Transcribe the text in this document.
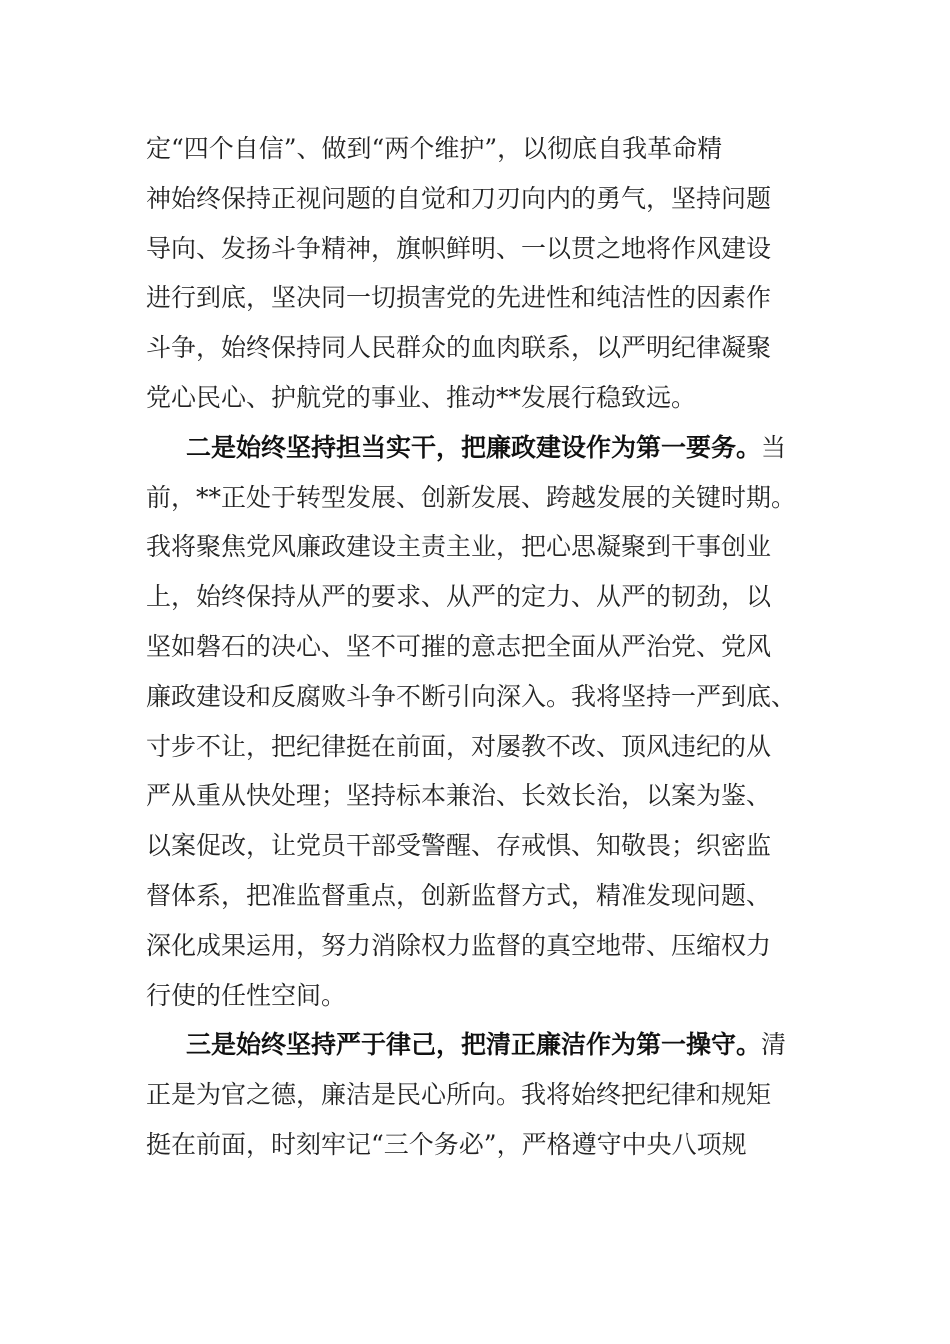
定“四个自信”、做到“两个维护”，以彻底自我革命精
神始终保持正视问题的自觉和刀刃向内的勇气，坚持问题
导向、发扬斗争精神，旗帜鲜明、一以贯之地将作风建设
进行到底，坚决同一切损害党的先进性和纯洁性的因素作
斗争，始终保持同人民群众的血肉联系，以严明纪律凝聚
党心民心、护航党的事业、推动**发展行稳致远。
二是始终坚持担当实干，把廉政建设作为第一要务。当
前，**正处于转型发展、创新发展、跨越发展的关键时期。
我将聚焦党风廉政建设主责主业，把心思凝聚到干事创业
上，始终保持从严的要求、从严的定力、从严的韧劲，以
坚如磐石的决心、坚不可摧的意志把全面从严治党、党风
廉政建设和反腐败斗争不断引向深入。我将坚持一严到底、
寸步不让，把纪律挺在前面，对屡教不改、顶风违纪的从
严从重从快处理；坚持标本兼治、长效长治，以案为鉴、
以案促改，让党员干部受警醒、存戒惧、知敬畏；织密监
督体系，把准监督重点，创新监督方式，精准发现问题、
深化成果运用，努力消除权力监督的真空地带、压缩权力
行使的任性空间。
三是始终坚持严于律己，把清正廉洁作为第一操守。清
正是为官之德，廉洁是民心所向。我将始终把纪律和规矩
挺在前面，时刻牢记“三个务必”，严格遵守中央八项规
